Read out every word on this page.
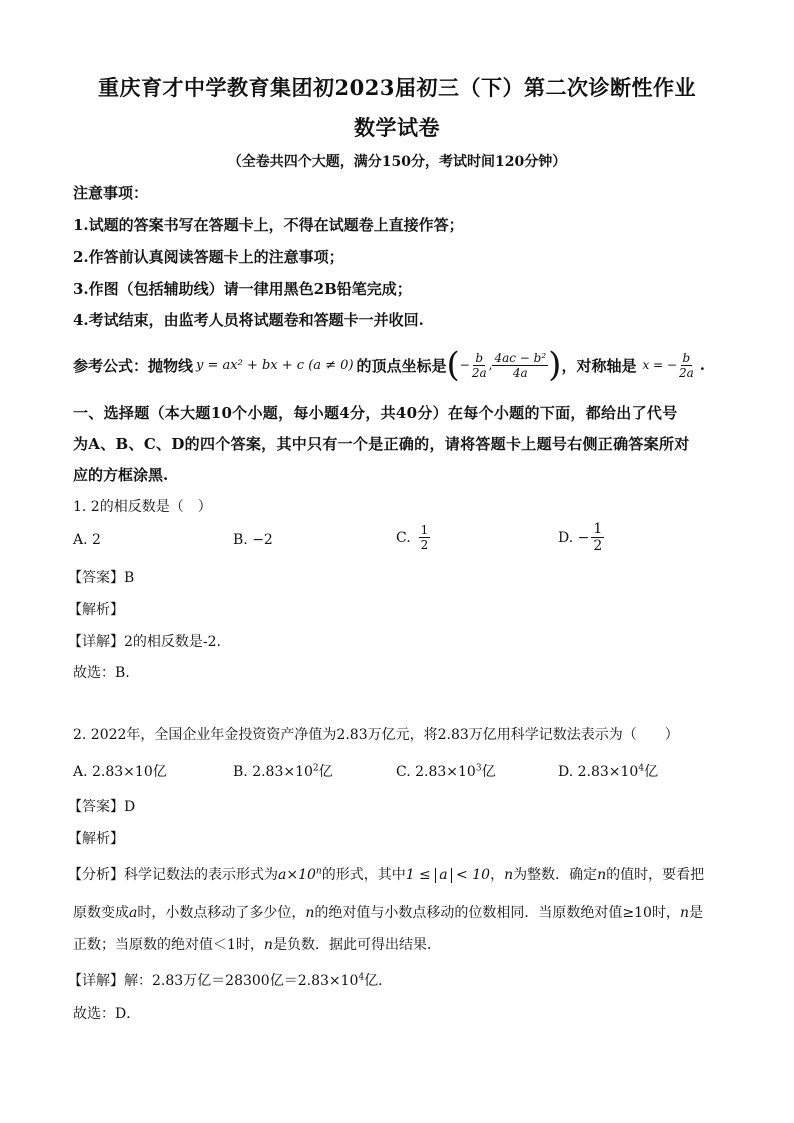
重庆育才中学教育集团初2023届初三（下）第二次诊断性作业
数学试卷
（全卷共四个大题，满分150分，考试时间120分钟）
注意事项：
1.试题的答案书写在答题卡上，不得在试题卷上直接作答；
2.作答前认真阅读答题卡上的注意事项；
3.作图（包括辅助线）请一律用黑色2B铅笔完成；
4.考试结束，由监考人员将试题卷和答题卡一并收回.
参考公式：抛物线 y = ax² + bx + c (a ≠ 0) 的顶点坐标是 ( − $\frac{b}{2a}$ , $\frac{\text{4ac − b²}}{4a}$ ) ，对称轴是 x = − $\frac{b}{2a}$ .
一、选择题（本大题10个小题，每小题4分，共40分）在每个小题的下面，都给出了代号
为A、B、C、D的四个答案，其中只有一个是正确的，请将答题卡上题号右侧正确答案所对
应的方框涂黑.
1. 2的相反数是（　）
A. 2	B. −2	C. $\frac{1}{2}$	D. − $\frac{1}{2}$
【答案】B
【解析】
【详解】2的相反数是-2.
故选：B.
2. 2022年，全国企业年金投资资产净值为2.83万亿元，将2.83万亿用科学记数法表示为（　　）
A. 2.83×10亿	B. $2.83\times 10^2$亿	C. $2.83\times 10^3$亿	D. $2.83\times 10^4$亿
【答案】D
【解析】
【分析】科学记数法的表示形式为$a\times 10^n$的形式，其中1 ≤ a < 10，n为整数．确定n的值时，要看把
原数变成a时，小数点移动了多少位，n的绝对值与小数点移动的位数相同．当原数绝对值≥10时，n是
正数；当原数的绝对值＜1时，n是负数．据此可得出结果．
【详解】解：2.83万亿＝28300亿$=2.83\times 10^4$亿．
故选：D．
